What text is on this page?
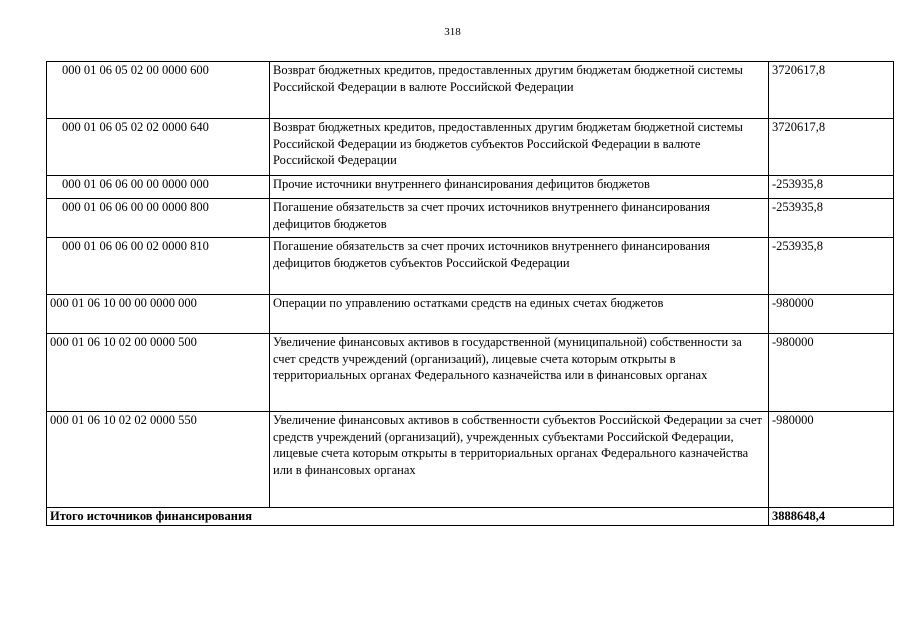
318
000 01 06 05 02 00 0000 600	Возврат бюджетных кредитов, предоставленных другим бюджетам бюджетной системы Российской Федерации в валюте Российской Федерации	3720617,8
000 01 06 05 02 02 0000 640	Возврат бюджетных кредитов, предоставленных другим бюджетам бюджетной системы Российской Федерации из бюджетов субъектов Российской Федерации в валюте Российской Федерации	3720617,8
000 01 06 06 00 00 0000 000	Прочие источники внутреннего финансирования дефицитов бюджетов	-253935,8
000 01 06 06 00 00 0000 800	Погашение обязательств за счет прочих источников внутреннего финансирования дефицитов бюджетов	-253935,8
000 01 06 06 00 02 0000 810	Погашение обязательств за счет прочих источников внутреннего финансирования дефицитов бюджетов субъектов Российской Федерации	-253935,8
000 01 06 10 00 00 0000 000	Операции по управлению остатками средств на единых счетах бюджетов	-980000
000 01 06 10 02 00 0000 500	Увеличение финансовых активов в государственной (муниципальной) собственности за счет средств учреждений (организаций), лицевые счета которым открыты в территориальных органах Федерального казначейства или в финансовых органах	-980000
000 01 06 10 02 02 0000 550	Увеличение финансовых активов в собственности субъектов Российской Федерации за счет средств учреждений (организаций), учрежденных субъектами Российской Федерации, лицевые счета которым открыты в территориальных органах Федерального казначейства или в финансовых органах	-980000
Итого источников финансирования		3888648,4
